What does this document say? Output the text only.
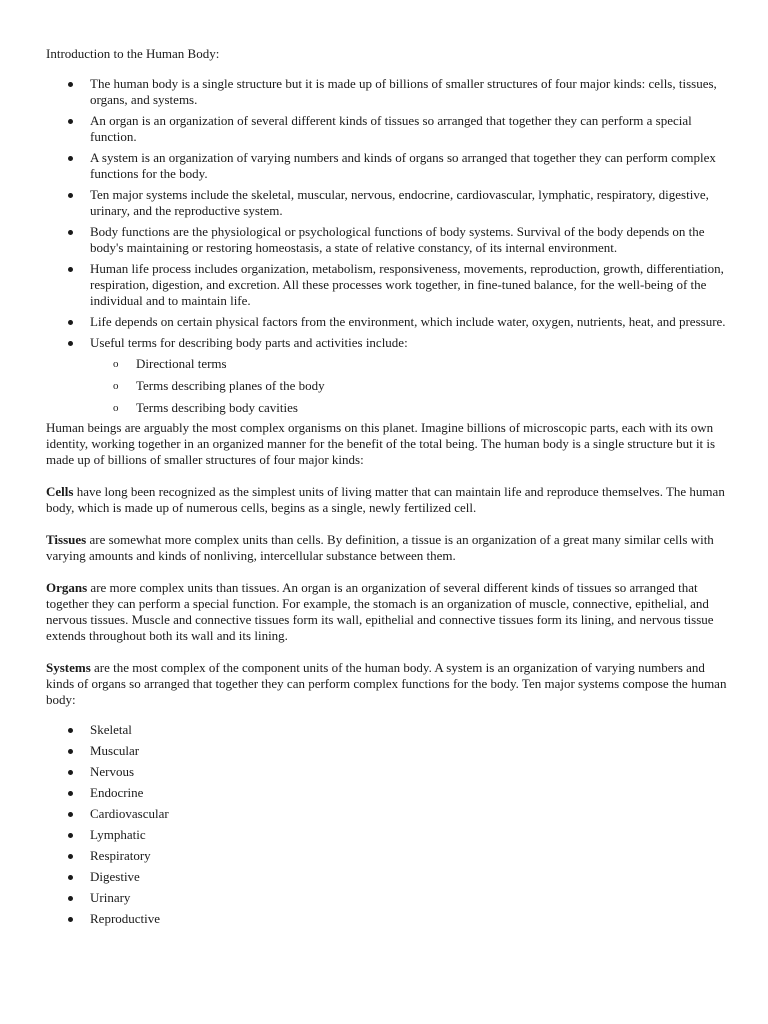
Introduction to the Human Body:
The human body is a single structure but it is made up of billions of smaller structures of four major kinds: cells, tissues, organs, and systems.
An organ is an organization of several different kinds of tissues so arranged that together they can perform a special function.
A system is an organization of varying numbers and kinds of organs so arranged that together they can perform complex functions for the body.
Ten major systems include the skeletal, muscular, nervous, endocrine, cardiovascular, lymphatic, respiratory, digestive, urinary, and the reproductive system.
Body functions are the physiological or psychological functions of body systems. Survival of the body depends on the body's maintaining or restoring homeostasis, a state of relative constancy, of its internal environment.
Human life process includes organization, metabolism, responsiveness, movements, reproduction, growth, differentiation, respiration, digestion, and excretion. All these processes work together, in fine-tuned balance, for the well-being of the individual and to maintain life.
Life depends on certain physical factors from the environment, which include water, oxygen, nutrients, heat, and pressure.
Useful terms for describing body parts and activities include:
o Directional terms
o Terms describing planes of the body
o Terms describing body cavities

Human beings are arguably the most complex organisms on this planet. Imagine billions of microscopic parts, each with its own identity, working together in an organized manner for the benefit of the total being. The human body is a single structure but it is made up of billions of smaller structures of four major kinds:

Cells have long been recognized as the simplest units of living matter that can maintain life and reproduce themselves. The human body, which is made up of numerous cells, begins as a single, newly fertilized cell.

Tissues are somewhat more complex units than cells. By definition, a tissue is an organization of a great many similar cells with varying amounts and kinds of nonliving, intercellular substance between them.

Organs are more complex units than tissues. An organ is an organization of several different kinds of tissues so arranged that together they can perform a special function. For example, the stomach is an organization of muscle, connective, epithelial, and nervous tissues. Muscle and connective tissues form its wall, epithelial and connective tissues form its lining, and nervous tissue extends throughout both its wall and its lining.

Systems are the most complex of the component units of the human body. A system is an organization of varying numbers and kinds of organs so arranged that together they can perform complex functions for the body. Ten major systems compose the human body:

Skeletal
Muscular
Nervous
Endocrine
Cardiovascular
Lymphatic
Respiratory
Digestive
Urinary
Reproductive
